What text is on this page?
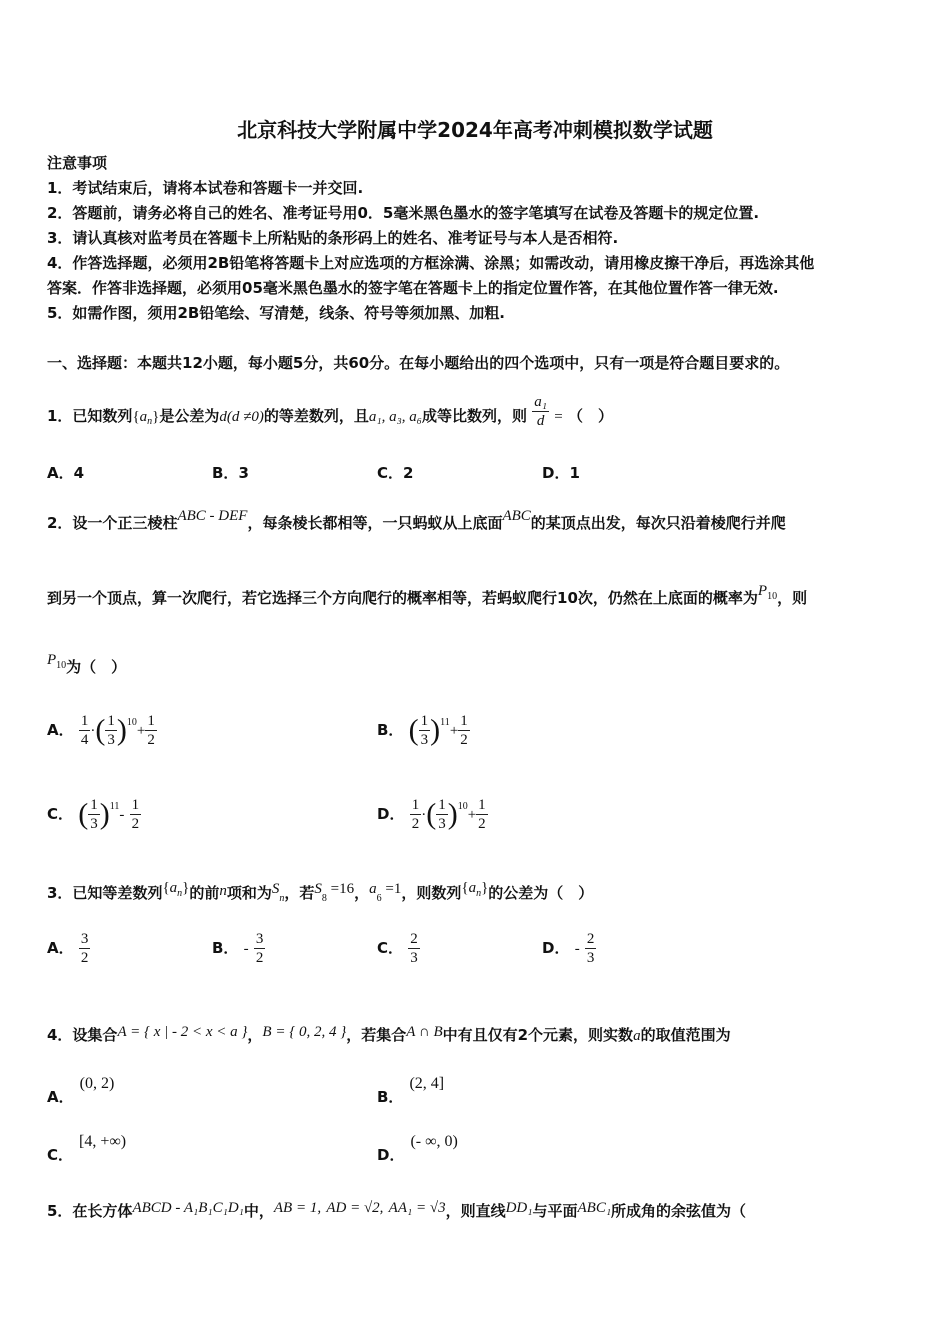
北京科技大学附属中学2024年高考冲刺模拟数学试题
注意事项
1．考试结束后，请将本试卷和答题卡一并交回.
2．答题前，请务必将自己的姓名、准考证号用0．5毫米黑色墨水的签字笔填写在试卷及答题卡的规定位置.
3．请认真核对监考员在答题卡上所粘贴的条形码上的姓名、准考证号与本人是否相符.
4．作答选择题，必须用2B铅笔将答题卡上对应选项的方框涂满、涂黑；如需改动，请用橡皮擦干净后，再选涂其他
答案．作答非选择题，必须用05毫米黑色墨水的签字笔在答题卡上的指定位置作答，在其他位置作答一律无效.
5．如需作图，须用2B铅笔绘、写清楚，线条、符号等须加黑、加粗.
一、选择题：本题共12小题，每小题5分，共60分。在每小题给出的四个选项中，只有一项是符合题目要求的。
1．已知数列$\{a_n\}$是公差为d(d ≠0)的等差数列，且a₁, a₃, a₆成等比数列，则 $\frac{\text{a₁}}{d}$ = （　）
A．4	B．3	C．2	D．1
2．设一个正三棱柱ABC - DEF，每条棱长都相等，一只蚂蚁从上底面ABC的某顶点出发，每次只沿着棱爬行并爬
到另一个顶点，算一次爬行，若它选择三个方向爬行的概率相等，若蚂蚁爬行10次，仍然在上底面的概率为$P^{10}$，则
$P^{10}$为（　）
A． $\frac{1}{4}$ ·( $\frac{1}{3} )^{10}+ \frac{1}{2}$	B． ( $\frac{1}{3} )^{11}+ \frac{1}{2}$
C． ( $\frac{1}{3} )^{11}- \frac{1}{2}$	D． $\frac{1}{2}$ ·( $\frac{1}{3} )^{10}+ \frac{1}{2}$
3．已知等差数列$\{a^n\}$的前n项和为$S_n$，若$S_8 =16$，$a_6 =1$，则数列$\{a^n\}$的公差为（　）
A． $\frac{3}{2}$	B． - $\frac{3}{2}$	C． $\frac{2}{3}$	D． - $\frac{2}{3}$
4．设集合A = { x | - 2 < x < a }，B = { 0, 2, 4 }，若集合A ∩ B中有且仅有2个元素，则实数a的取值范围为
A．(0, 2)
B．(2, 4]
C．[4, +∞)
D．(- ∞, 0)
5．在长方体ABCD - A₁B₁C₁D₁中，AB = 1, AD = √2, AA₁ = √3，则直线DD₁与平面ABC₁所成角的余弦值为（
